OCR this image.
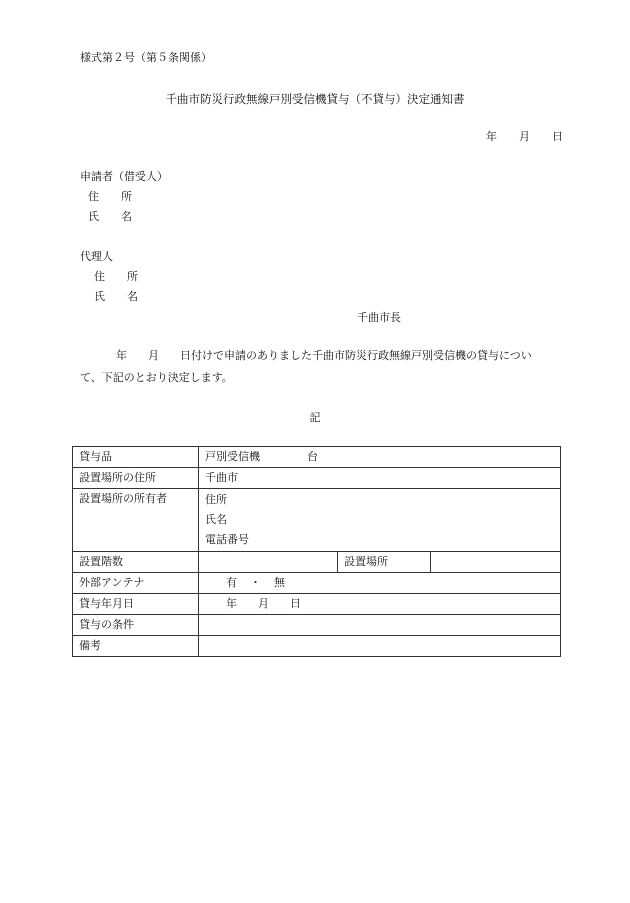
様式第２号（第５条関係）
千曲市防災行政無線戸別受信機貸与（不貸与）決定通知書
年 月 日
申請者（借受人）
住　　所
氏　　名
代理人
住　　所
氏　　名
千曲市長
年 月 日付けで申請のありました千曲市防災行政無線戸別受信機の貸与につい
て、下記のとおり決定します。
記
貸与品	戸別受信機 台		
設置場所の住所	千曲市		
設置場所の所有者	住所
氏名
電話番号		

設置階数		設置場所	
外部アンテナ	有 ・ 無		
貸与年月日	年 月 日		
貸与の条件			
備考			
